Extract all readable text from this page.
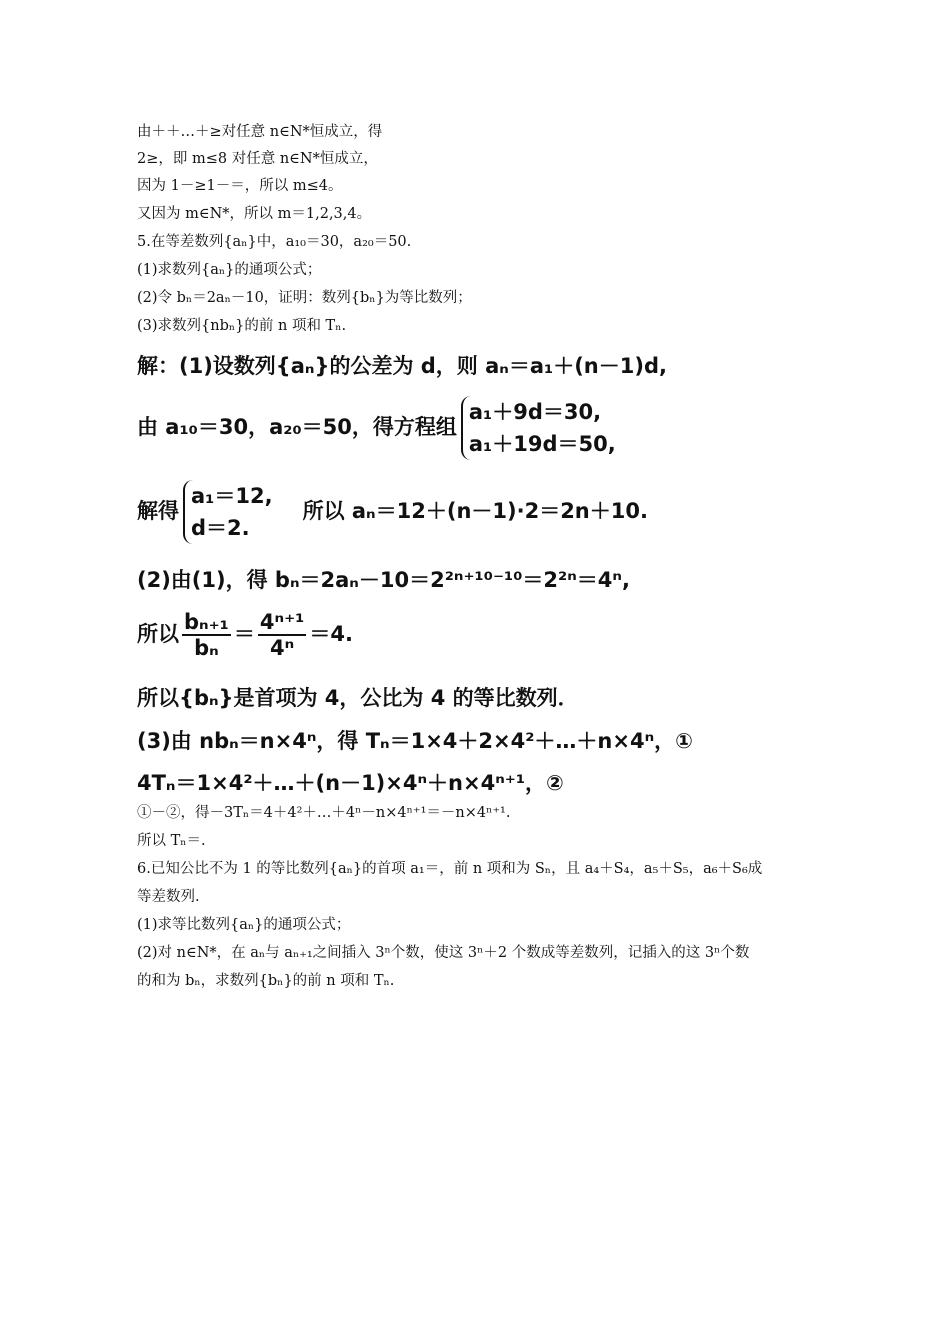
由＋＋…＋≥对任意 n∈N*恒成立，得
2≥，即 m≤8 对任意 n∈N*恒成立，
因为 1－≥1－＝，所以 m≤4。
又因为 m∈N*，所以 m＝1,2,3,4。
5.在等差数列{aₙ}中，a₁₀＝30，a₂₀＝50.
(1)求数列{aₙ}的通项公式；
(2)令 bₙ＝2aₙ－10，证明：数列{bₙ}为等比数列；
(3)求数列{nbₙ}的前 n 项和 Tₙ.
解：(1)设数列{aₙ}的公差为 d，则 aₙ＝a₁＋(n－1)d,
由 a₁₀＝30，a₂₀＝50，得方程组
a₁＋9d＝30,
a₁＋19d＝50,
解得
a₁＝12,
d＝2.
所以 aₙ＝12＋(n－1)·2＝2n＋10.
(2)由(1)，得 bₙ＝2aₙ－10＝2²ⁿ⁺¹⁰⁻¹⁰＝2²ⁿ＝4ⁿ,
所以 $\frac{\text{bₙ₊₁}}{\text{bₙ}} = \frac{\text{4ⁿ⁺¹}}{\text{4ⁿ}} =4$.
所以{bₙ}是首项为 4，公比为 4 的等比数列．
(3)由 nbₙ＝n×4ⁿ，得 Tₙ＝1×4＋2×4²＋…＋n×4ⁿ，①
4Tₙ＝1×4²＋…＋(n－1)×4ⁿ＋n×4ⁿ⁺¹，②
①－②，得－3Tₙ＝4＋4²＋…＋4ⁿ－n×4ⁿ⁺¹＝－n×4ⁿ⁺¹.
所以 Tₙ＝.
6.已知公比不为 1 的等比数列{aₙ}的首项 a₁＝，前 n 项和为 Sₙ，且 a₄＋S₄，a₅＋S₅，a₆＋S₆成
等差数列.
(1)求等比数列{aₙ}的通项公式；
(2)对 n∈N*，在 aₙ与 aₙ₊₁之间插入 3ⁿ个数，使这 3ⁿ＋2 个数成等差数列，记插入的这 3ⁿ个数
的和为 bₙ，求数列{bₙ}的前 n 项和 Tₙ.
